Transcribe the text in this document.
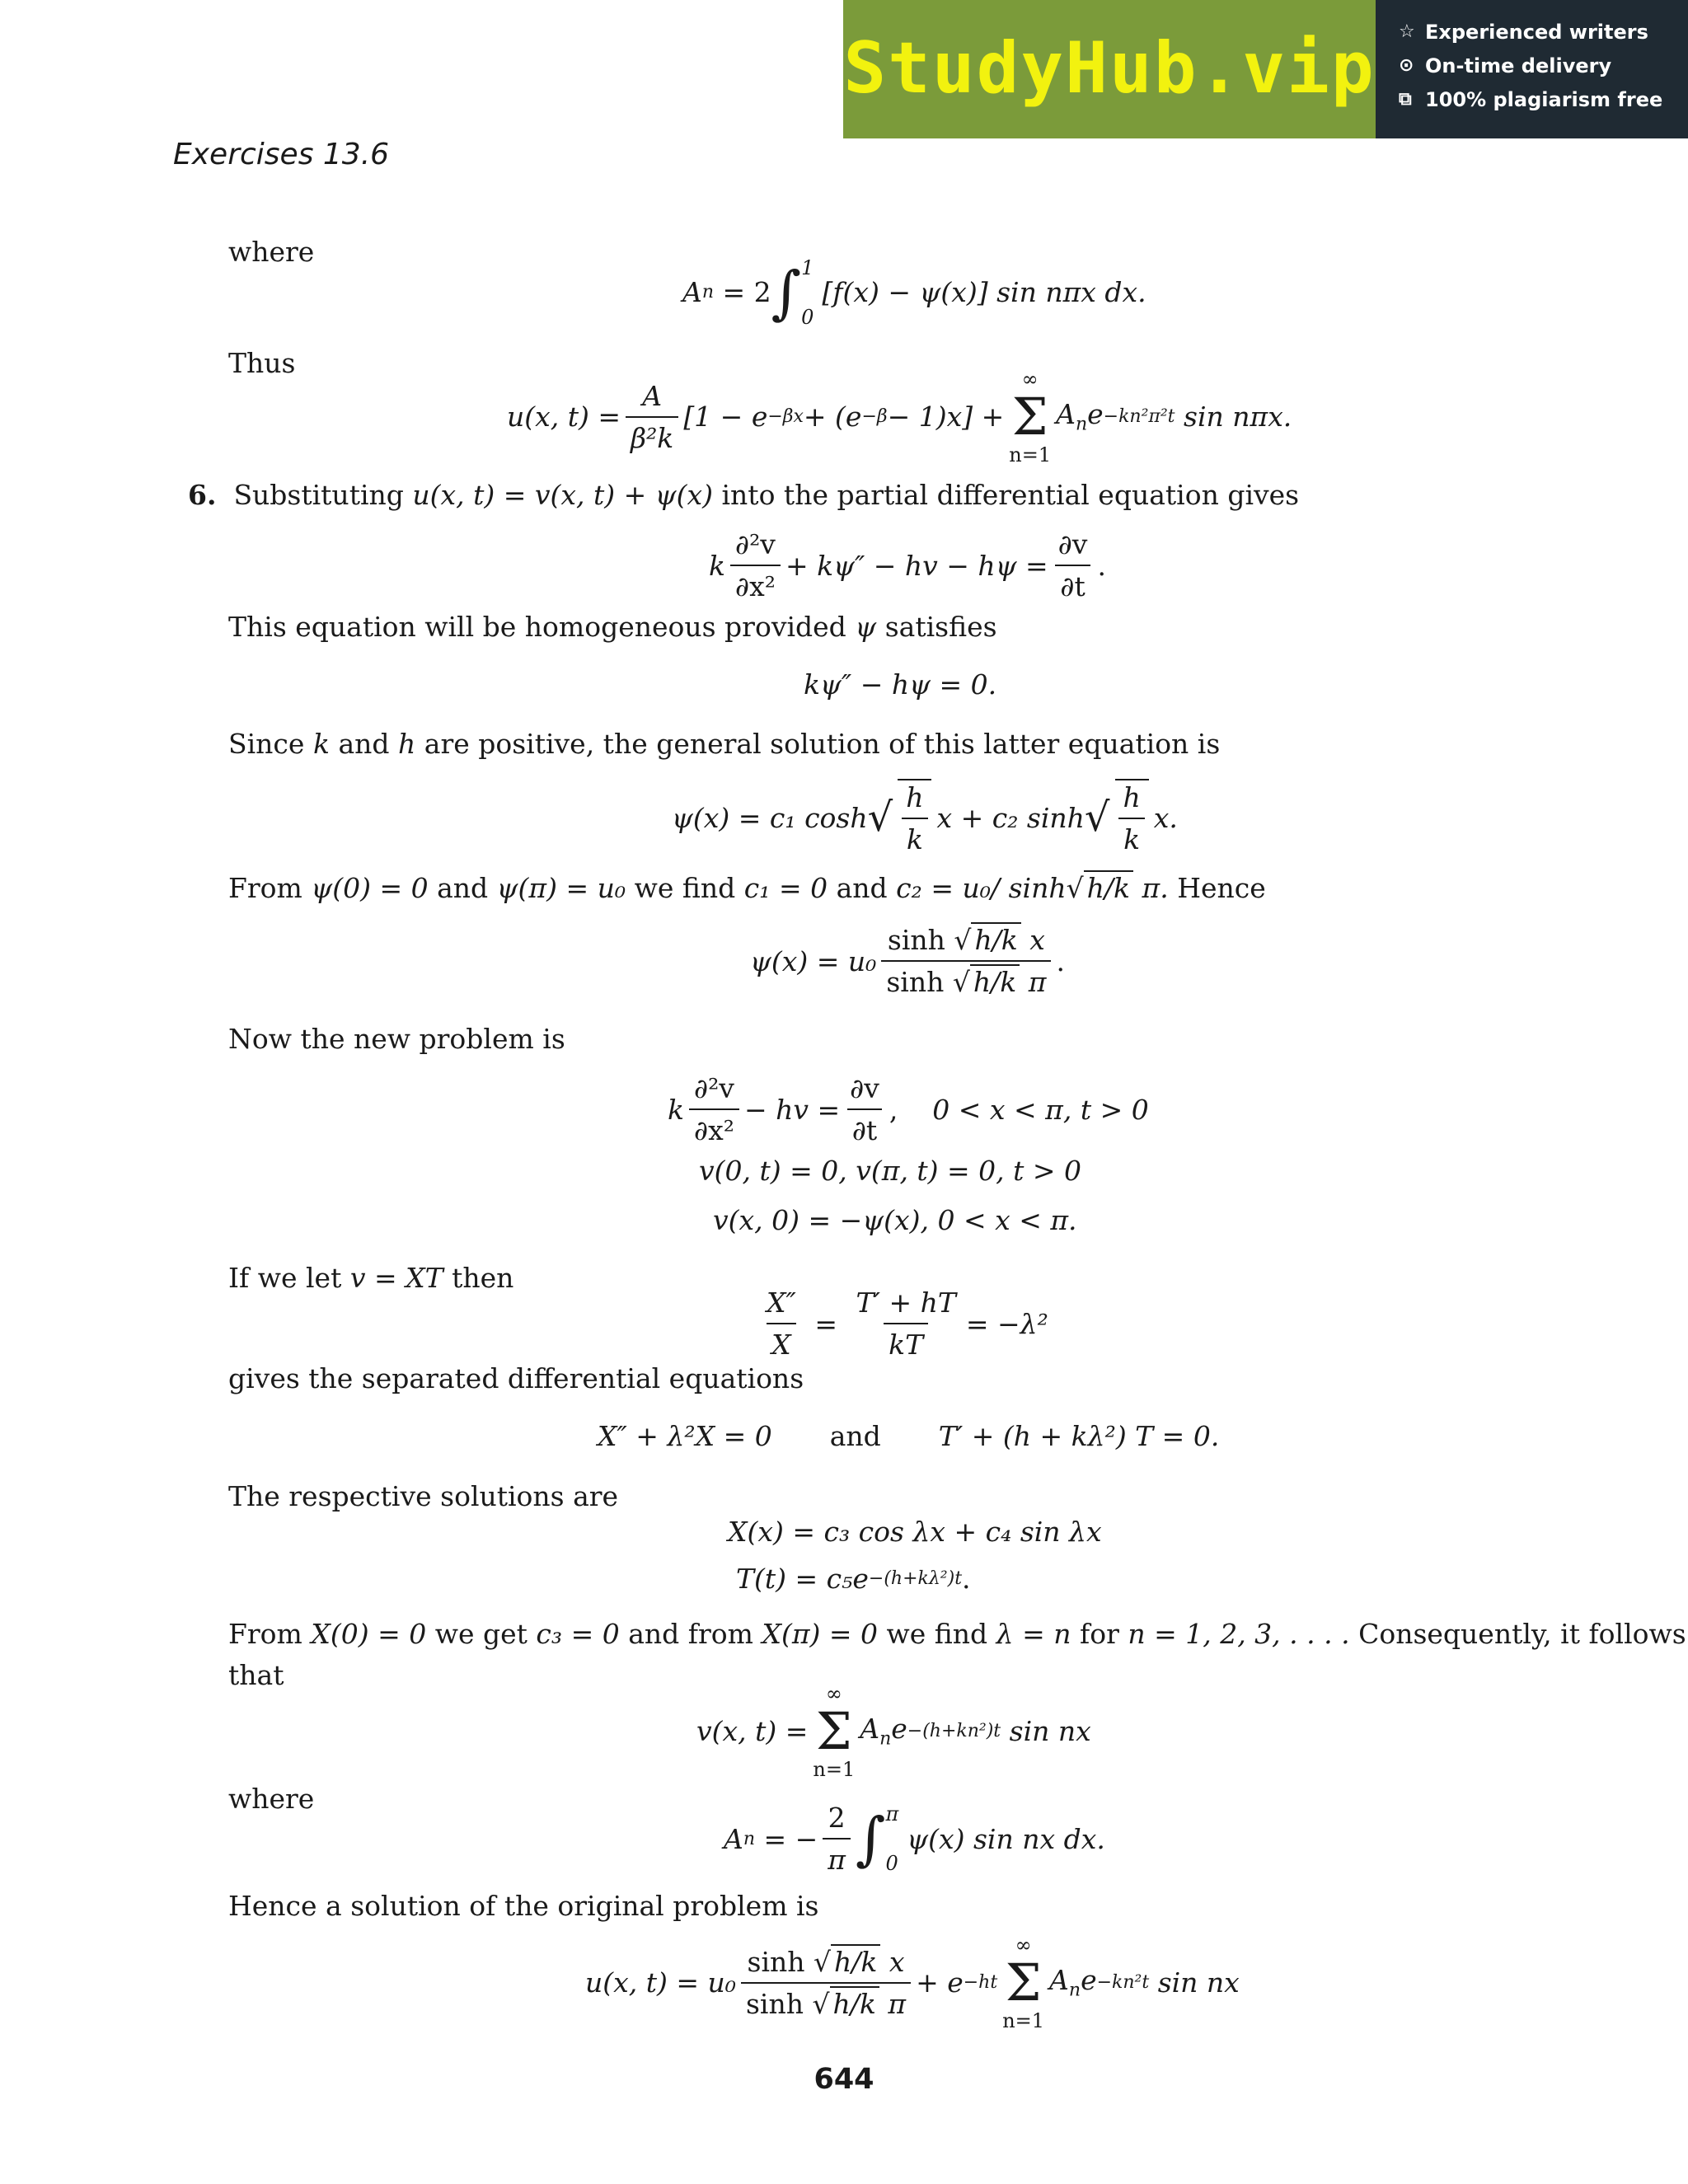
StudyHub.vip ☆ Experienced writers
⊙ On-time delivery
⧉ 100% plagiarism free
Exercises 13.6
where
A n = 2 ∫ 1
0
[f(x) − ψ(x)] sin nπx dx.
Thus
u(x, $t) = \frac{A}{\text{β²k}} [1 - e -\beta x + (e -\beta - 1)x]$ +
∞
Σ
n=1
$A_ne -kn^2\pi^2t$
sin nπx.
6. Substituting u(x, t) = v(x, t) + ψ(x) into the partial differential equation gives
k $\frac{\text{∂²v}}{\text{∂x²}} + k\psi''$ − hv − $h\psi = \frac{\partial v}{\partial t}$ .
This equation will be homogeneous provided ψ satisfies
kψ″ − hψ = 0.
Since k and h are positive, the general solution of this latter equation is
ψ(x) = c₁ cosh √ $\frac{h}{k}$ x + c₂ sinh √ $\frac{h}{k} x$.
From ψ(0) = 0 and ψ(π) = u₀ we find c₁ = 0 and c₂ = u₀/ sinh√ h/k π. Hence
$\psi(x) = u_0 \frac{\text{sinh √ h/k x}}{\text{sinh √ h/k π}}$ .
Now the new problem is
k $\frac{\text{∂²v}}{\text{∂x²}}$ − hv = $\frac{\partial v}{\partial t}$ , 0 < x < π, t > 0
v(0, t) = 0, v(π, t) = 0, t > 0
v(x, 0) = −ψ(x), 0 < x < π.
If we let v = XT then
$\frac{X''}{X} = \frac{T' + hT}{kT} = -\lambda^2$
gives the separated differential equations
X″ + λ²X = 0 and T′ + (h + kλ²) T = 0.
The respective solutions are
X(x) = c₃ cos λx + c₄ sin λx
T(t) = c₅e −(h+kλ²)t .
From X(0) = 0 we get c₃ = 0 and from X(π) = 0 we find λ = n for n = 1, 2, 3, . . . . Consequently, it follows
that
v(x, t) =
∞
Σ
n=1
$A_ne -(h+kn^2)t$
sin nx
where
A n = − $\frac{2}{\pi}$ ∫ π
0
ψ(x) sin nx dx.
Hence a solution of the original problem is
u(x, $t) = u_0 \frac{\text{sinh √ h/k x}}{\text{sinh √ h/k π}} + e -ht$
∞
Σ
n=1
$A_ne -kn^2t$
sin nx
644
